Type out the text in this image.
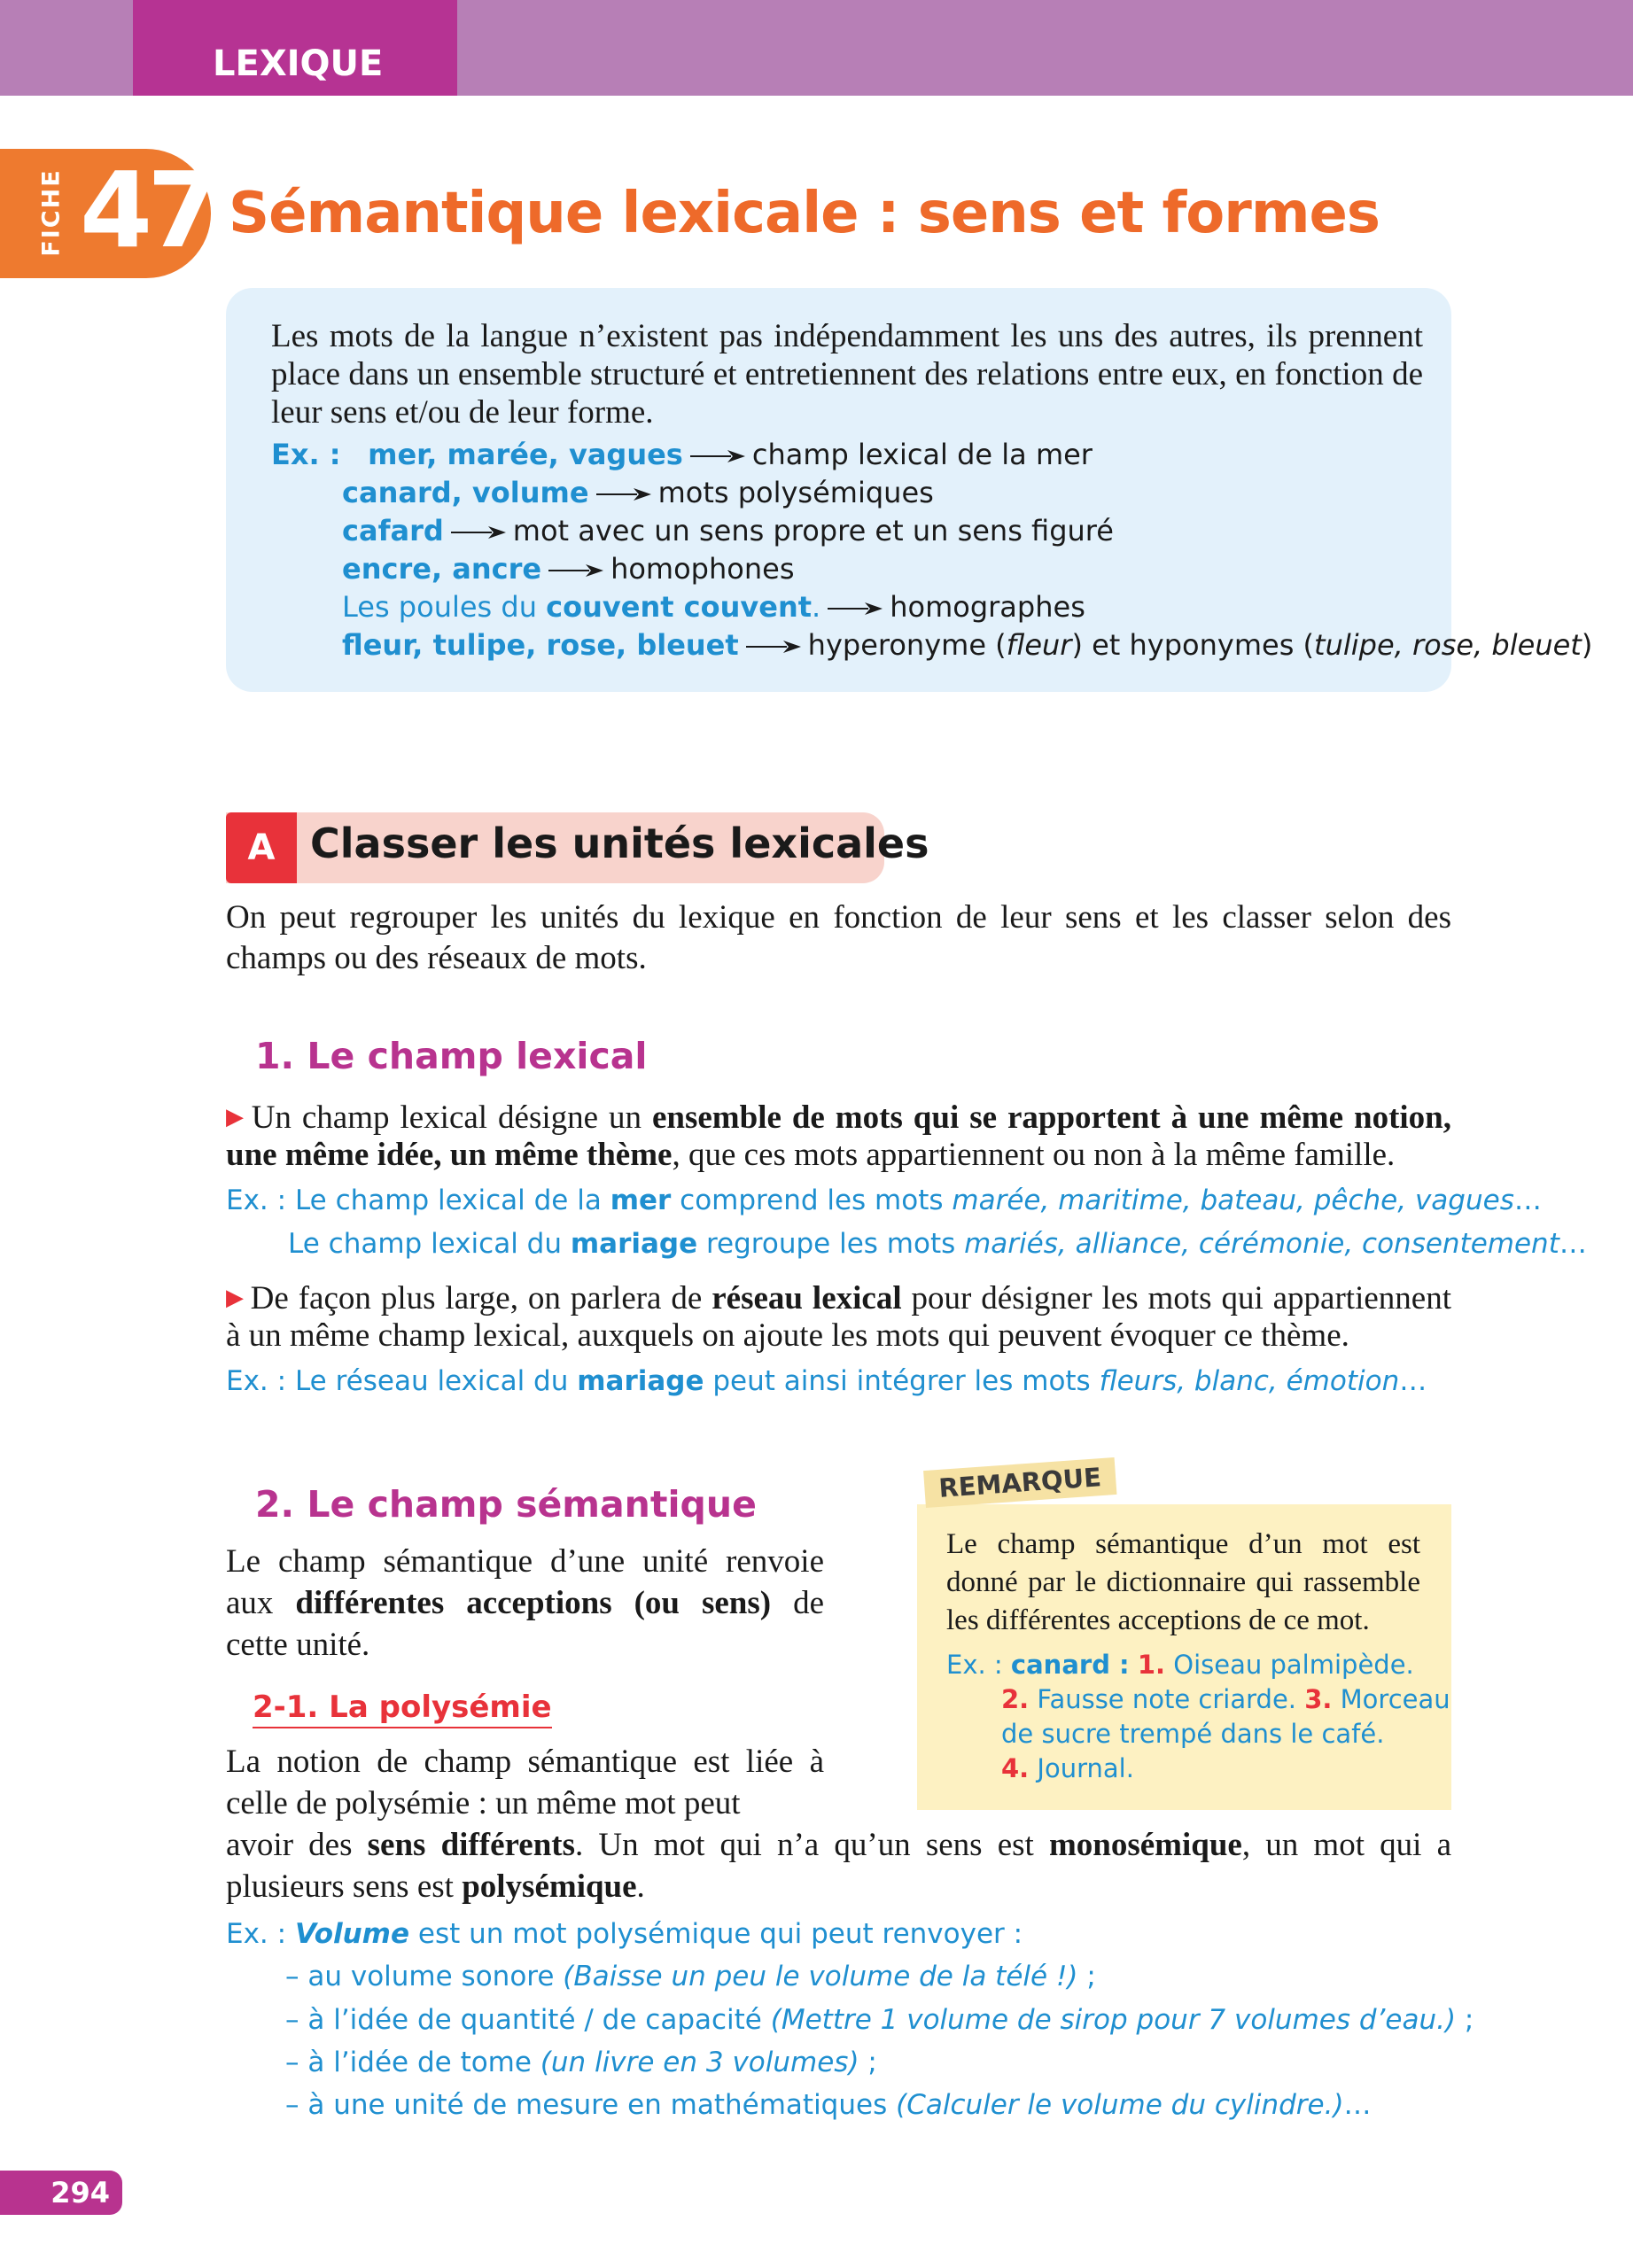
LEXIQUE
FICHE 47 Sémantique lexicale : sens et formes

Les mots de la langue n’existent pas indépendamment les uns des autres, ils prennent place dans un ensemble structuré et entretiennent des relations entre eux, en fonction de leur sens et/ou de leur forme.

Ex. : mer, marée, vagues champ lexical de la mer
canard, volume mots polysémiques
cafard mot avec un sens propre et un sens figuré
encre, ancre homophones
Les poules du couvent couvent. homographes
fleur, tulipe, rose, bleuet hyperonyme (fleur) et hyponymes (tulipe, rose, bleuet)
A Classer les unités lexicales

On peut regrouper les unités du lexique en fonction de leur sens et les classer selon des champs ou des réseaux de mots.

1. Le champ lexical

▶ Un champ lexical désigne un ensemble de mots qui se rapportent à une même notion, une même idée, un même thème, que ces mots appartiennent ou non à la même famille.

Ex. : Le champ lexical de la mer comprend les mots marée, maritime, bateau, pêche, vagues…
Le champ lexical du mariage regroupe les mots mariés, alliance, cérémonie, consentement…

▶ De façon plus large, on parlera de réseau lexical pour désigner les mots qui appartiennent à un même champ lexical, auxquels on ajoute les mots qui peuvent évoquer ce thème.

Ex. : Le réseau lexical du mariage peut ainsi intégrer les mots fleurs, blanc, émotion…
2. Le champ sémantique

Le champ sémantique d’une unité renvoie aux différentes acceptions (ou sens) de cette unité.

REMARQUE

Le champ sémantique d’un mot est donné par le dictionnaire qui rassemble les différentes acceptions de ce mot.

Ex. : canard : 1. Oiseau palmipède.
2. Fausse note criarde. 3. Morceau
de sucre trempé dans le café.
4. Journal.
2-1. La polysémie

La notion de champ sémantique est liée à celle de polysémie : un même mot peut

avoir des sens différents. Un mot qui n’a qu’un sens est monosémique, un mot qui a plusieurs sens est polysémique.

Ex. : Volume est un mot polysémique qui peut renvoyer :
– au volume sonore (Baisse un peu le volume de la télé !) ;
– à l’idée de quantité / de capacité (Mettre 1 volume de sirop pour 7 volumes d’eau.) ;
– à l’idée de tome (un livre en 3 volumes) ;
– à une unité de mesure en mathématiques (Calculer le volume du cylindre.)…
294
